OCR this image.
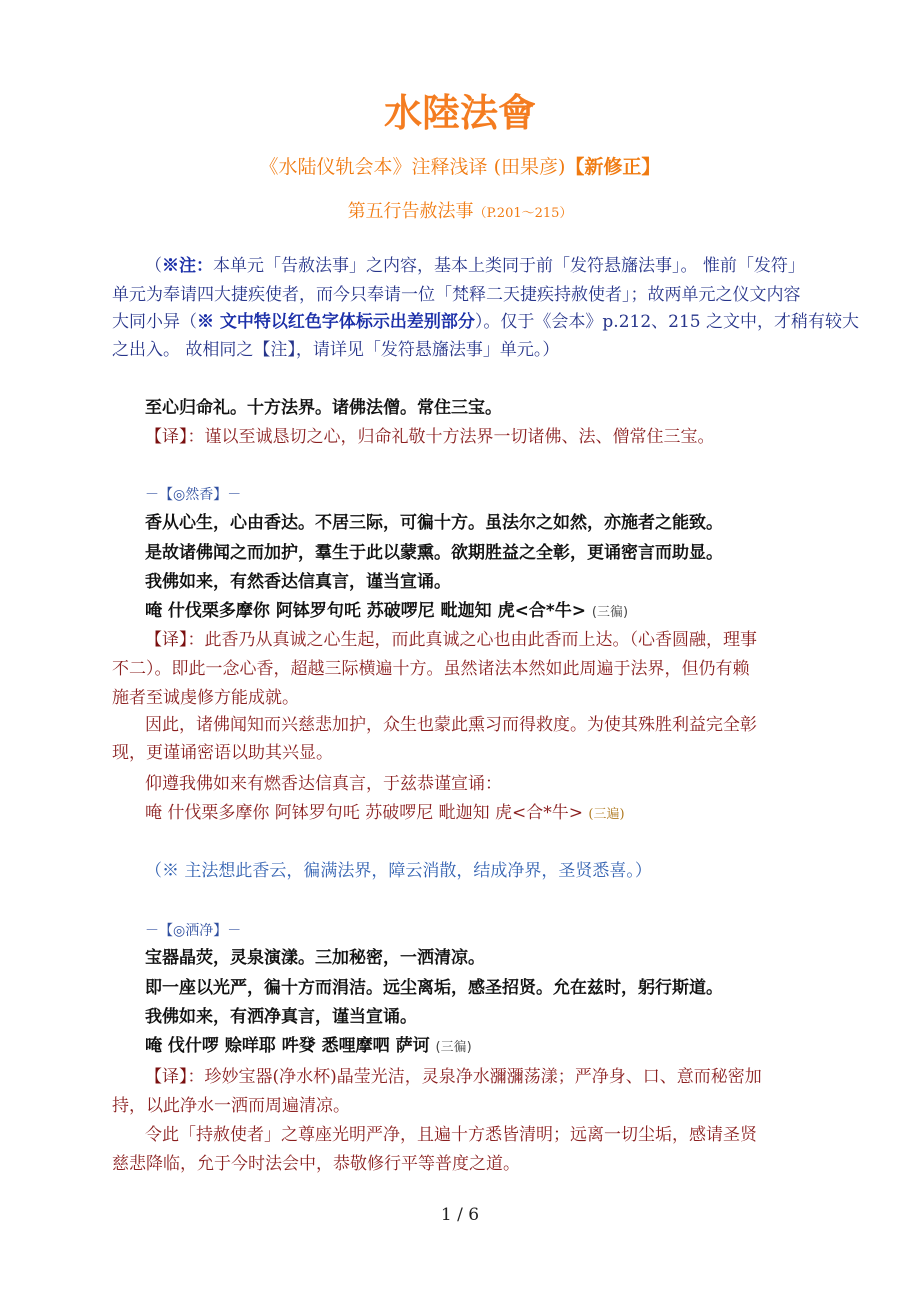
水陸法會
《水陆仪轨会本》注释浅译 (田果彦)【新修正】
第五行告赦法事（P.201～215）
（※注：本单元「告赦法事」之内容，基本上类同于前「发符悬旛法事」。 惟前「发符」
单元为奉请四大捷疾使者，而今只奉请一位「梵释二天捷疾持赦使者」；故两单元之仪文内容
大同小异（※ 文中特以红色字体标示出差别部分）。仅于《会本》p.212、215 之文中，才稍有较大
之出入。 故相同之【注】，请详见「发符悬旛法事」单元。）
至心归命礼。十方法界。诸佛法僧。常住三宝。
【译】：谨以至诚恳切之心，归命礼敬十方法界一切诸佛、法、僧常住三宝。
－【◎然香】－
香从心生，心由香达。不居三际，可徧十方。虽法尔之如然，亦施者之能致。
是故诸佛闻之而加护，羣生于此以蒙熏。欲期胜益之全彰，更诵密言而助显。
我佛如来，有然香达信真言，谨当宣诵。
唵 什伐栗多摩你 阿钵罗句吒 苏破啰尼 毗迦知 虎<合*牛> (三徧)
【译】：此香乃从真诚之心生起，而此真诚之心也由此香而上达。（心香圆融，理事
不二）。即此一念心香，超越三际横遍十方。虽然诸法本然如此周遍于法界，但仍有赖
施者至诚虔修方能成就。
因此，诸佛闻知而兴慈悲加护，众生也蒙此熏习而得救度。为使其殊胜利益完全彰
现，更谨诵密语以助其兴显。
仰遵我佛如来有燃香达信真言，于兹恭谨宣诵：
唵 什伐栗多摩你 阿钵罗句吒 苏破啰尼 毗迦知 虎<合*牛> (三遍)
（※ 主法想此香云，徧满法界，障云消散，结成净界，圣贤悉喜。）
－【◎洒净】－
宝器晶荧，灵泉演漾。三加秘密，一洒清凉。
即一座以光严，徧十方而涓洁。远尘离垢，感圣招贤。允在兹时，躬行斯道。
我佛如来，有洒净真言，谨当宣诵。
唵 伐什啰 赊咩耶 吽癹 悉哩摩呬 萨诃 (三徧)
【译】：珍妙宝器(净水杯)晶莹光洁，灵泉净水瀰瀰荡漾；严净身、口、意而秘密加
持，以此净水一洒而周遍清凉。
令此「持赦使者」之尊座光明严净，且遍十方悉皆清明；远离一切尘垢，感请圣贤
慈悲降临，允于今时法会中，恭敬修行平等普度之道。
1 / 6
